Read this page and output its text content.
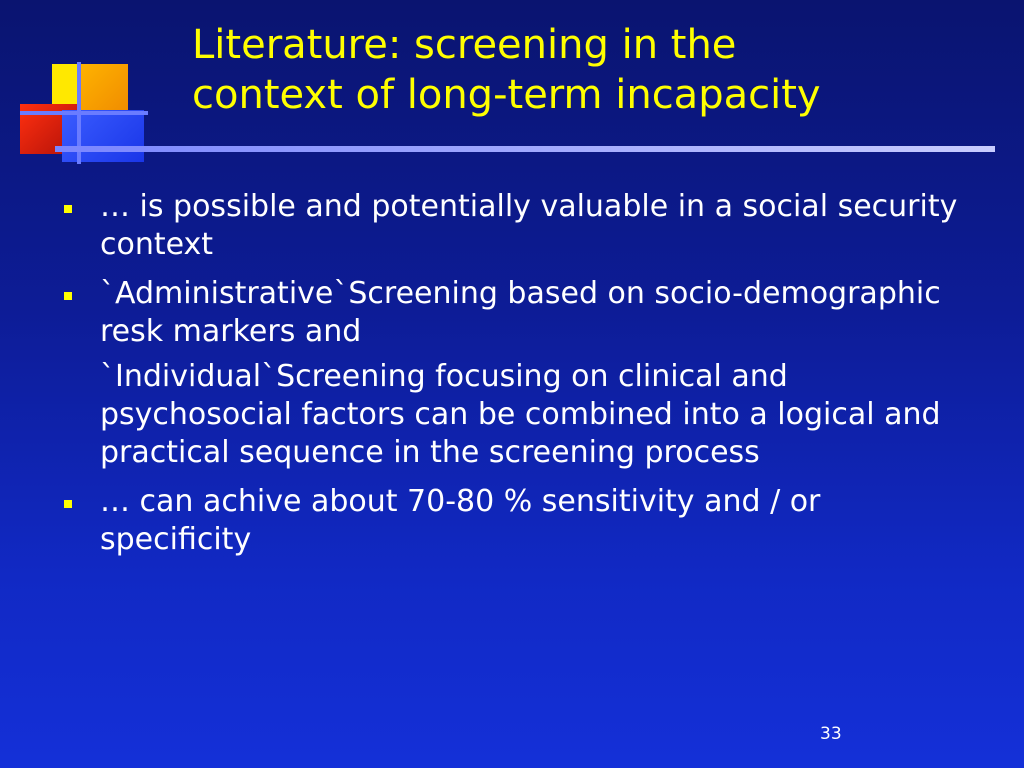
Literature: screening in the
context of long-term incapacity
… is possible and potentially valuable in a social security context
`Administrative`Screening based on socio-demographic resk markers and
`Individual`Screening focusing on clinical and psychosocial factors can be combined into a logical and practical sequence in the screening process
… can achive about 70-80 % sensitivity and / or specificity
33
